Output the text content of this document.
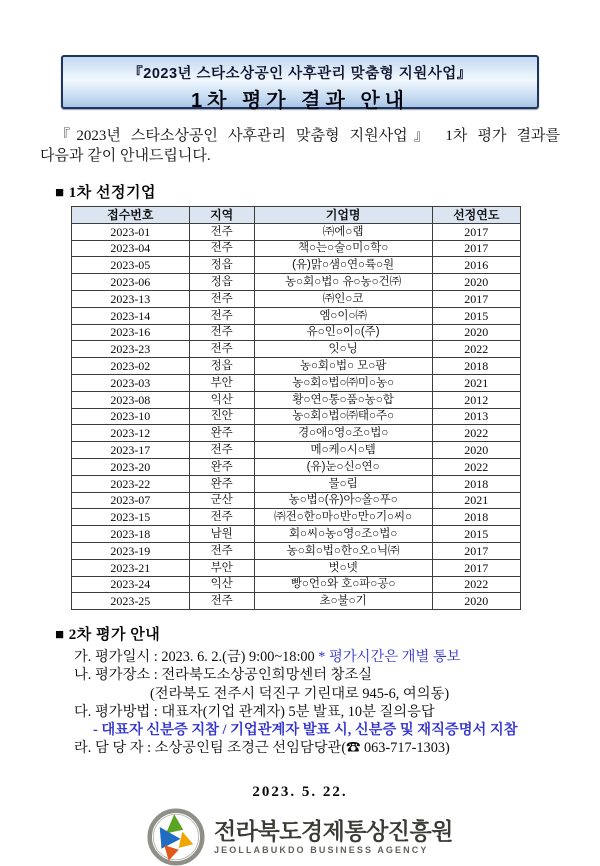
『2023년 스타소상공인 사후관리 맞춤형 지원사업』
1차 평가 결과 안내

『2023년 스타소상공인 사후관리 맞춤형 지원사업』 1차 평가 결과를
다음과 같이 안내드립니다.

■ 1차 선정기업
접수번호	지역	기업명	선정연도
2023-01	전주	㈜에○랩	2017
2023-04	전주	책○는○술○미○학○	2017
2023-05	정읍	(유)맑○샘○연○륙○원	2016
2023-06	정읍	농○회○법○ 유○농○건㈜	2020
2023-13	전주	㈜인○코	2017
2023-14	전주	엠○이○㈜	2015
2023-16	전주	유○인○이○(주)	2020
2023-23	전주	잇○닝	2022
2023-02	정읍	농○회○법○ 모○팜	2018
2023-03	부안	농○회○법○㈜미○농○	2021
2023-08	익산	황○연○통○품○농○합	2012
2023-10	진안	농○회○법○㈜태○주○	2013
2023-12	완주	경○애○영○조○법○	2022
2023-17	전주	메○케○시○템	2020
2023-20	완주	(유)눈○신○연○	2022
2023-22	완주	물○림	2018
2023-07	군산	농○법○(유)아○올○푸○	2021
2023-15	전주	㈜전○한○마○반○만○기○씨○	2018
2023-18	남원	회○씨○농○영○조○법○	2015
2023-19	전주	농○회○법○한○오○닉㈜	2017
2023-21	부안	벗○넷	2017
2023-24	익산	빵○언○와 호○파○공○	2022
2023-25	전주	초○불○기	2020
■ 2차 평가 안내
가. 평가일시 : 2023. 6. 2.(금) 9:00~18:00 * 평가시간은 개별 통보
나. 평가장소 : 전라북도소상공인희망센터 창조실
(전라북도 전주시 덕진구 기린대로 945-6, 여의동)
다. 평가방법 : 대표자(기업 관계자) 5분 발표, 10분 질의응답
- 대표자 신분증 지참 / 기업관계자 발표 시, 신분증 및 재직증명서 지참
라. 담 당 자 : 소상공인팀 조경근 선임담당관(☎ 063-717-1303)
2023. 5. 22.
전라북도경제통상진흥원
JEOLLABUKDO BUSINESS AGENCY
